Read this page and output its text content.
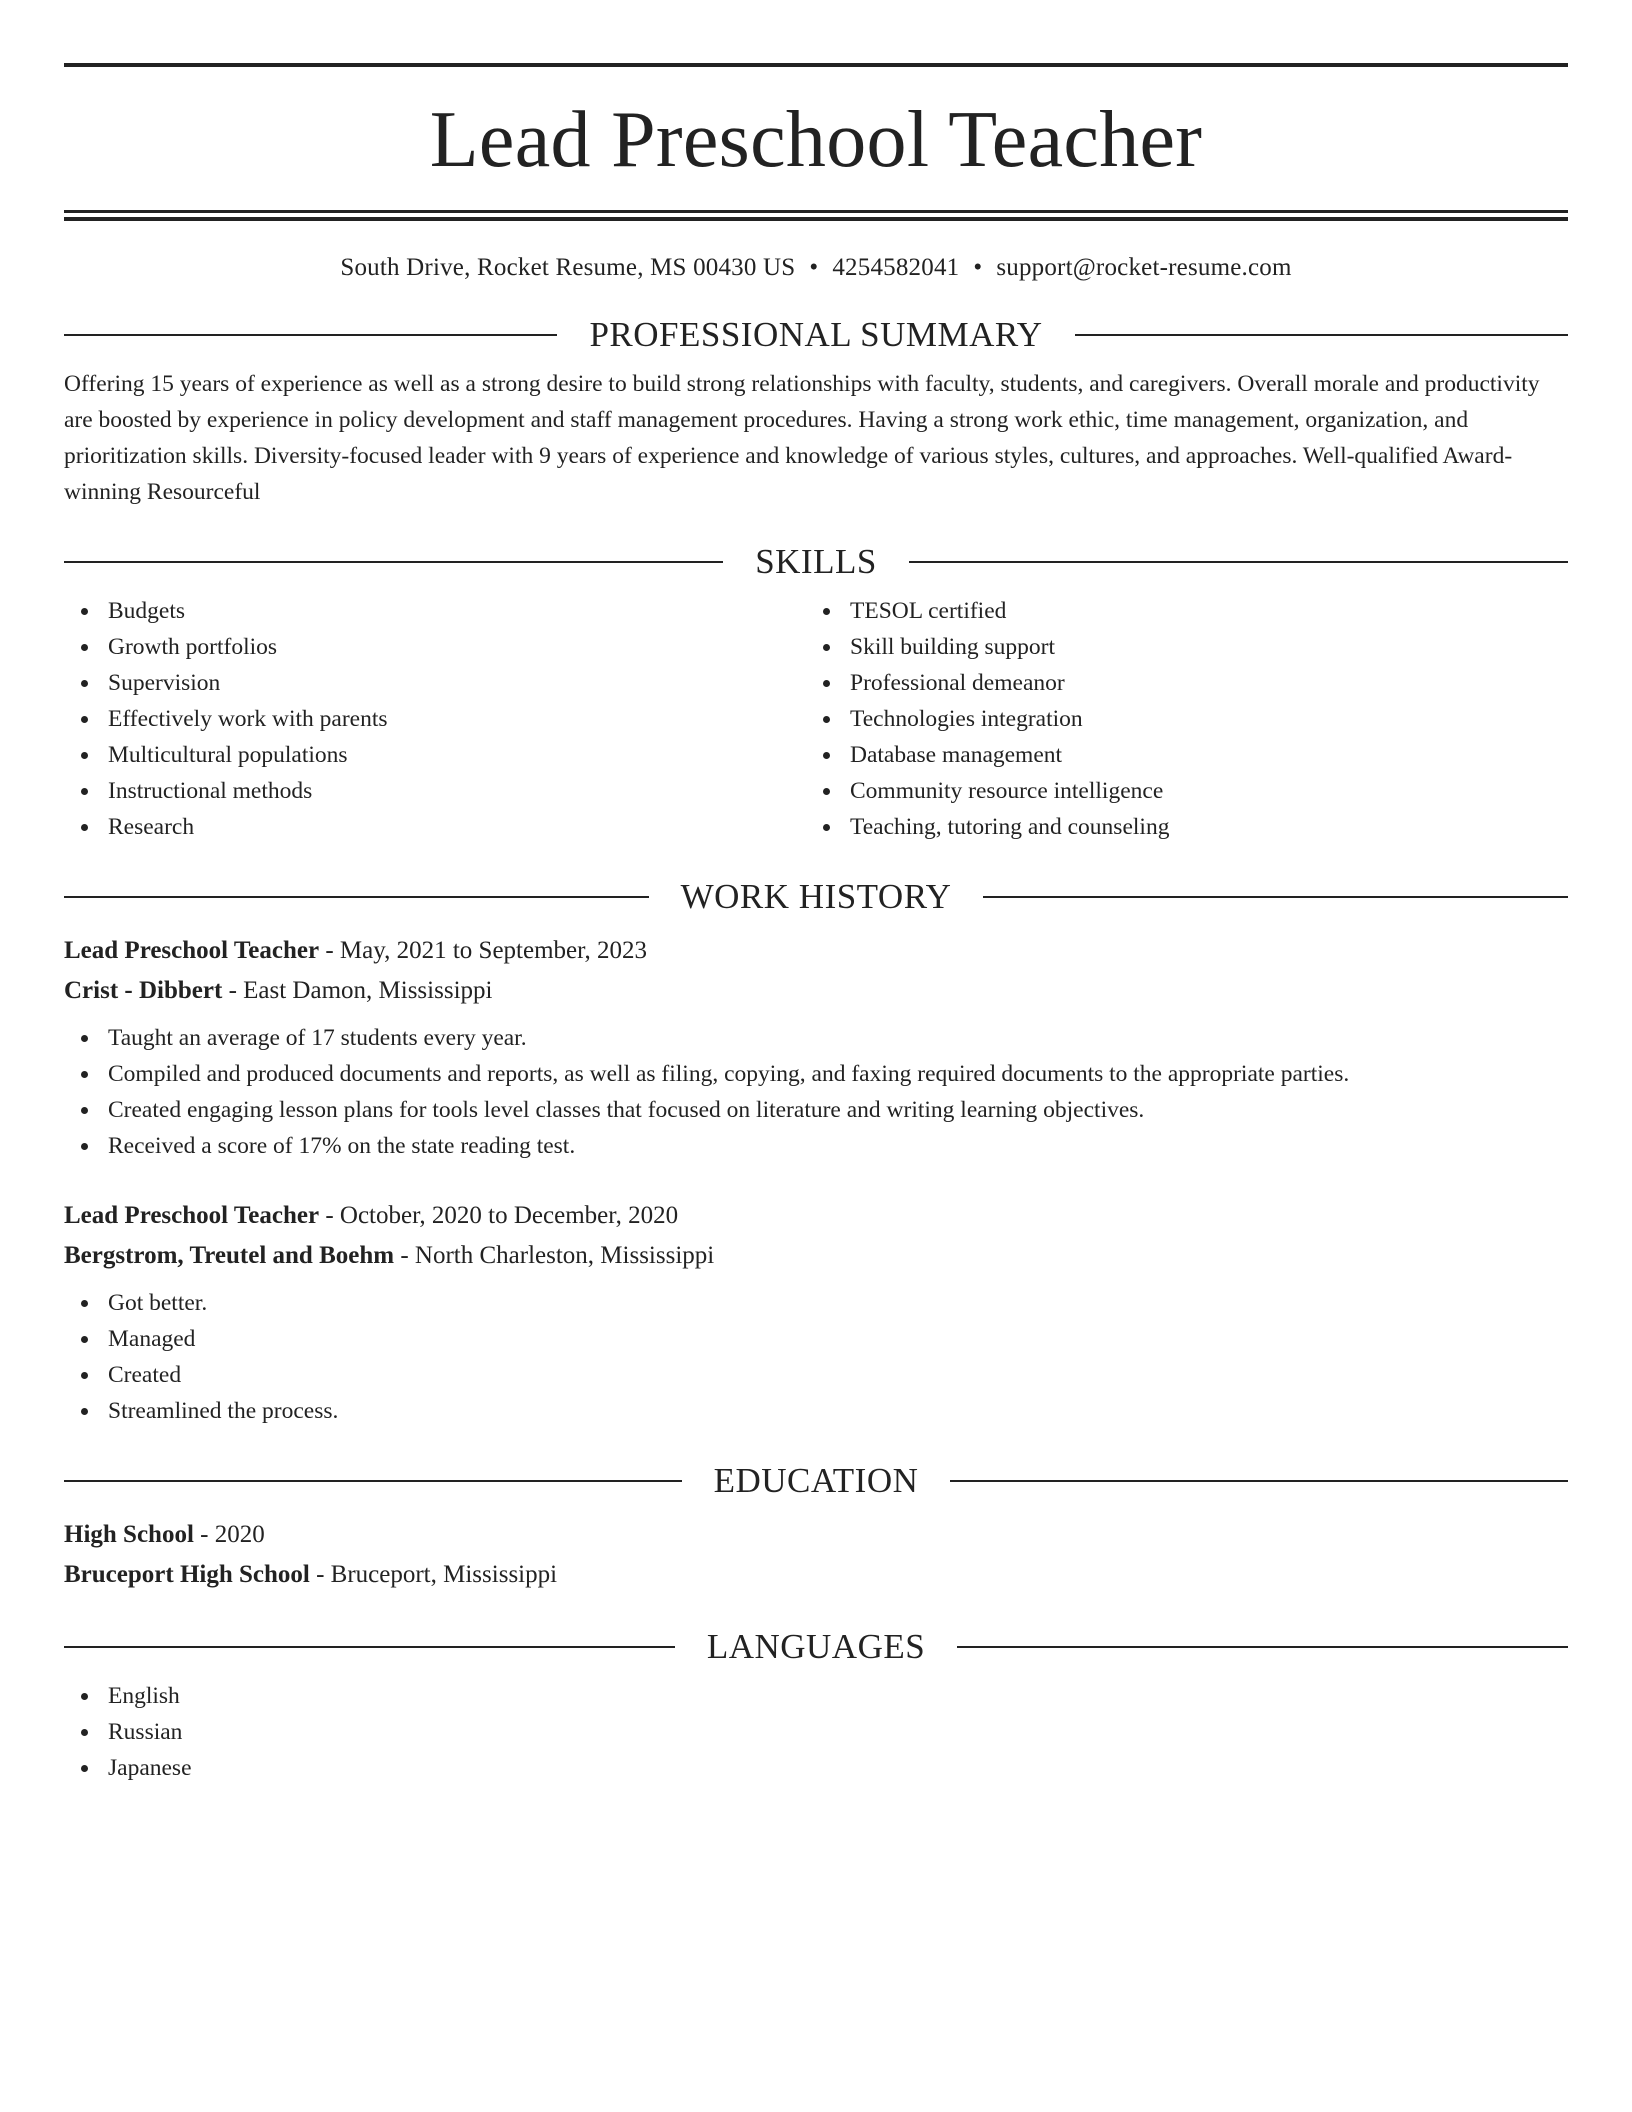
Lead Preschool Teacher
South Drive, Rocket Resume, MS 00430 US • 4254582041 • support@rocket-resume.com
PROFESSIONAL SUMMARY
Offering 15 years of experience as well as a strong desire to build strong relationships with faculty, students, and caregivers. Overall morale and productivity are boosted by experience in policy development and staff management procedures. Having a strong work ethic, time management, organization, and prioritization skills. Diversity-focused leader with 9 years of experience and knowledge of various styles, cultures, and approaches. Well-qualified Award-winning Resourceful
SKILLS
Budgets
Growth portfolios
Supervision
Effectively work with parents
Multicultural populations
Instructional methods
Research
TESOL certified
Skill building support
Professional demeanor
Technologies integration
Database management
Community resource intelligence
Teaching, tutoring and counseling
WORK HISTORY
Lead Preschool Teacher - May, 2021 to September, 2023
Crist - Dibbert - East Damon, Mississippi
Taught an average of 17 students every year.
Compiled and produced documents and reports, as well as filing, copying, and faxing required documents to the appropriate parties.
Created engaging lesson plans for tools level classes that focused on literature and writing learning objectives.
Received a score of 17% on the state reading test.
Lead Preschool Teacher - October, 2020 to December, 2020
Bergstrom, Treutel and Boehm - North Charleston, Mississippi
Got better.
Managed
Created
Streamlined the process.
EDUCATION
High School - 2020
Bruceport High School - Bruceport, Mississippi
LANGUAGES
English
Russian
Japanese
